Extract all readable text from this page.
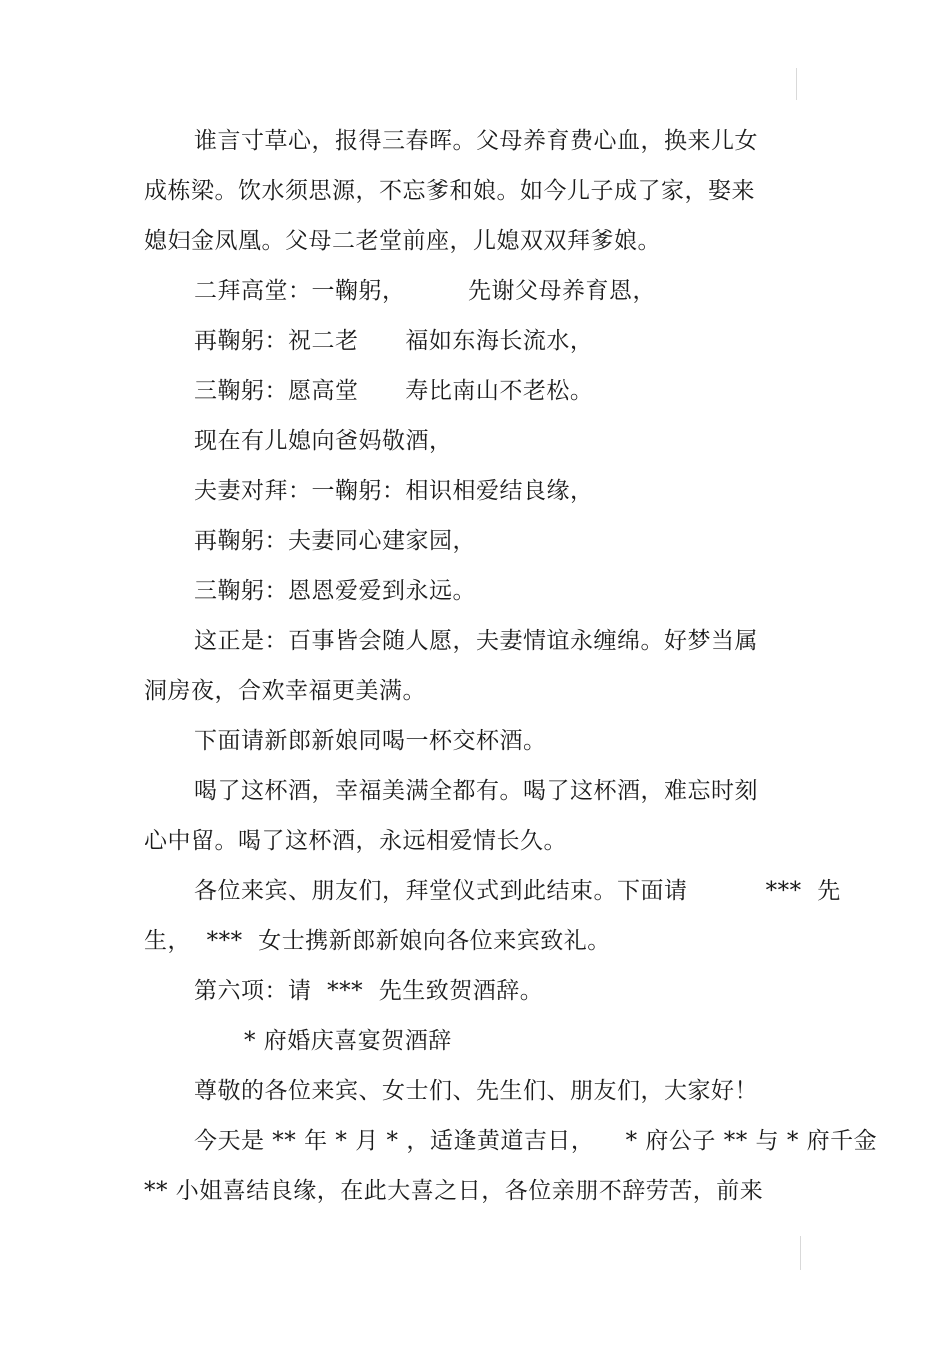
谁言寸草心，报得三春晖。父母养育费心血，换来儿女
成栋梁。饮水须思源，不忘爹和娘。如今儿子成了家，娶来
媳妇金凤凰。父母二老堂前座，儿媳双双拜爹娘。
二拜高堂：一鞠躬，        先谢父母养育恩，
再鞠躬：祝二老      福如东海长流水，
三鞠躬：愿高堂      寿比南山不老松。
现在有儿媳向爸妈敬酒，
夫妻对拜：一鞠躬：相识相爱结良缘，
再鞠躬：夫妻同心建家园，
三鞠躬：恩恩爱爱到永远。
这正是：百事皆会随人愿，夫妻情谊永缠绵。好梦当属
洞房夜，合欢幸福更美满。
下面请新郎新娘同喝一杯交杯酒。
喝了这杯酒，幸福美满全都有。喝了这杯酒，难忘时刻
心中留。喝了这杯酒，永远相爱情长久。
各位来宾、朋友们，拜堂仪式到此结束。下面请          ***  先
生，  ***  女士携新郎新娘向各位来宾致礼。
第六项：请  ***  先生致贺酒辞。
* 府婚庆喜宴贺酒辞
尊敬的各位来宾、女士们、先生们、朋友们，大家好！
今天是 ** 年 * 月 * ，适逢黄道吉日，    * 府公子 ** 与 * 府千金
** 小姐喜结良缘，在此大喜之日，各位亲朋不辞劳苦，前来
